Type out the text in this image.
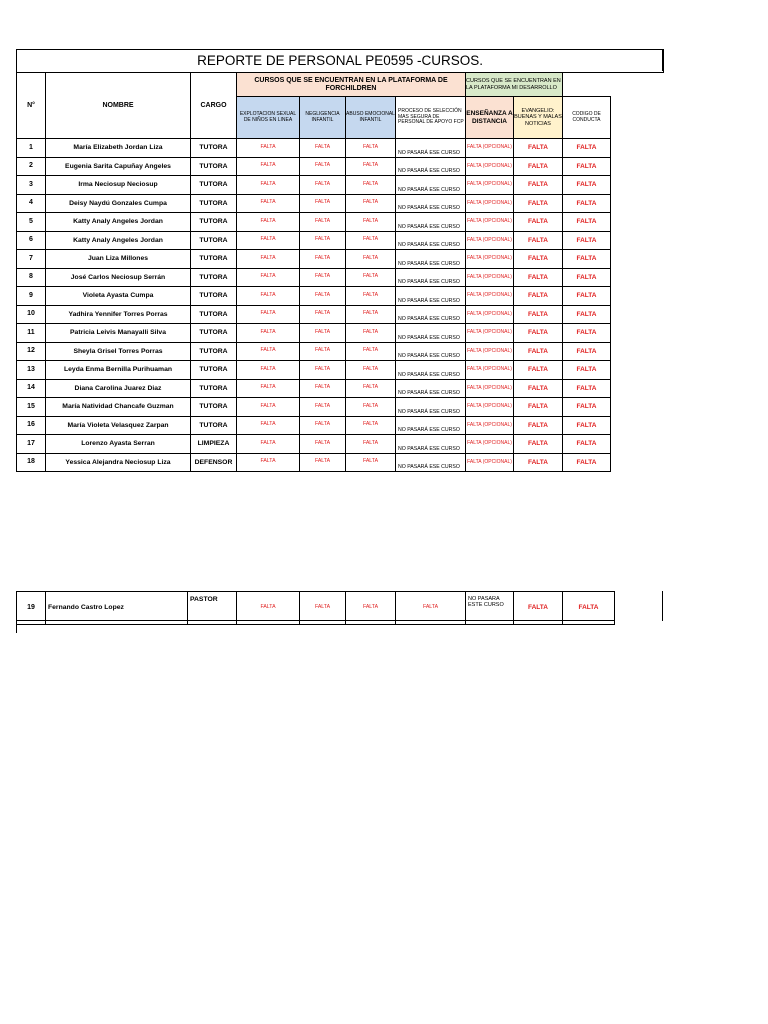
REPORTE DE PERSONAL PE0595 -CURSOS.										
N°	NOMBRE	CARGO	CURSOS QUE SE ENCUENTRAN EN LA PLATAFORMA DE FORCHILDREN				CURSOS QUE SE ENCUENTRAN EN LA PLATAFORMA MI DESARROLLO			
			EXPLOTACION SEXUAL DE NIÑOS EN LINEA	NEGLIGENCIA INFANTIL	ABUSO EMOCIONAL INFANTIL	PROCESO DE SELECCIÓN MAS SEGURA DE PERSONAL DE APOYO FCP	ENSEÑANZA A DISTANCIA	EVANGELIO: BUENAS Y MALAS NOTICIAS	CODIGO DE CONDUCTA	
1	María Elizabeth Jordan Liza	TUTORA	FALTA	FALTA	FALTA	NO PASARÁ ESE CURSO	FALTA (OPCIONAL)	FALTA	FALTA	
2	Eugenia Sarita Capuñay Angeles	TUTORA	FALTA	FALTA	FALTA	NO PASARÁ ESE CURSO	FALTA (OPCIONAL)	FALTA	FALTA	
3	Irma Neciosup Neciosup	TUTORA	FALTA	FALTA	FALTA	NO PASARÁ ESE CURSO	FALTA (OPCIONAL)	FALTA	FALTA	
4	Deisy Naydú Gonzales Cumpa	TUTORA	FALTA	FALTA	FALTA	NO PASARÁ ESE CURSO	FALTA (OPCIONAL)	FALTA	FALTA	
5	Katty Analy Angeles Jordan	TUTORA	FALTA	FALTA	FALTA	NO PASARÁ ESE CURSO	FALTA (OPCIONAL)	FALTA	FALTA	
6	Katty Analy Angeles Jordan	TUTORA	FALTA	FALTA	FALTA	NO PASARÁ ESE CURSO	FALTA (OPCIONAL)	FALTA	FALTA	
7	Juan Liza Millones	TUTORA	FALTA	FALTA	FALTA	NO PASARÁ ESE CURSO	FALTA (OPCIONAL)	FALTA	FALTA	
8	José Carlos Neciosup Serrán	TUTORA	FALTA	FALTA	FALTA	NO PASARÁ ESE CURSO	FALTA (OPCIONAL)	FALTA	FALTA	
9	Violeta Ayasta Cumpa	TUTORA	FALTA	FALTA	FALTA	NO PASARÁ ESE CURSO	FALTA (OPCIONAL)	FALTA	FALTA	
10	Yadhira Yennifer Torres Porras	TUTORA	FALTA	FALTA	FALTA	NO PASARÁ ESE CURSO	FALTA (OPCIONAL)	FALTA	FALTA	
11	Patricia Leivis Manayalli Silva	TUTORA	FALTA	FALTA	FALTA	NO PASARÁ ESE CURSO	FALTA (OPCIONAL)	FALTA	FALTA	
12	Sheyla Grisel Torres Porras	TUTORA	FALTA	FALTA	FALTA	NO PASARÁ ESE CURSO	FALTA (OPCIONAL)	FALTA	FALTA	
13	Leyda Enma Bernilla Purihuaman	TUTORA	FALTA	FALTA	FALTA	NO PASARÁ ESE CURSO	FALTA (OPCIONAL)	FALTA	FALTA	
14	Diana Carolina Juarez Diaz	TUTORA	FALTA	FALTA	FALTA	NO PASARÁ ESE CURSO	FALTA (OPCIONAL)	FALTA	FALTA	
15	María Natividad Chancafe Guzman	TUTORA	FALTA	FALTA	FALTA	NO PASARÁ ESE CURSO	FALTA (OPCIONAL)	FALTA	FALTA	
16	María Violeta Velasquez Zarpan	TUTORA	FALTA	FALTA	FALTA	NO PASARÁ ESE CURSO	FALTA (OPCIONAL)	FALTA	FALTA	
17	Lorenzo Ayasta Serran	LIMPIEZA	FALTA	FALTA	FALTA	NO PASARÁ ESE CURSO	FALTA (OPCIONAL)	FALTA	FALTA	
18	Yessica Alejandra Neciosup Liza	DEFENSOR	FALTA	FALTA	FALTA	NO PASARÁ ESE CURSO	FALTA (OPCIONAL)	FALTA	FALTA	
19	Fernando Castro Lopez	PASTOR	FALTA	FALTA	FALTA	FALTA	NO PASARA ESTE CURSO	FALTA	FALTA
